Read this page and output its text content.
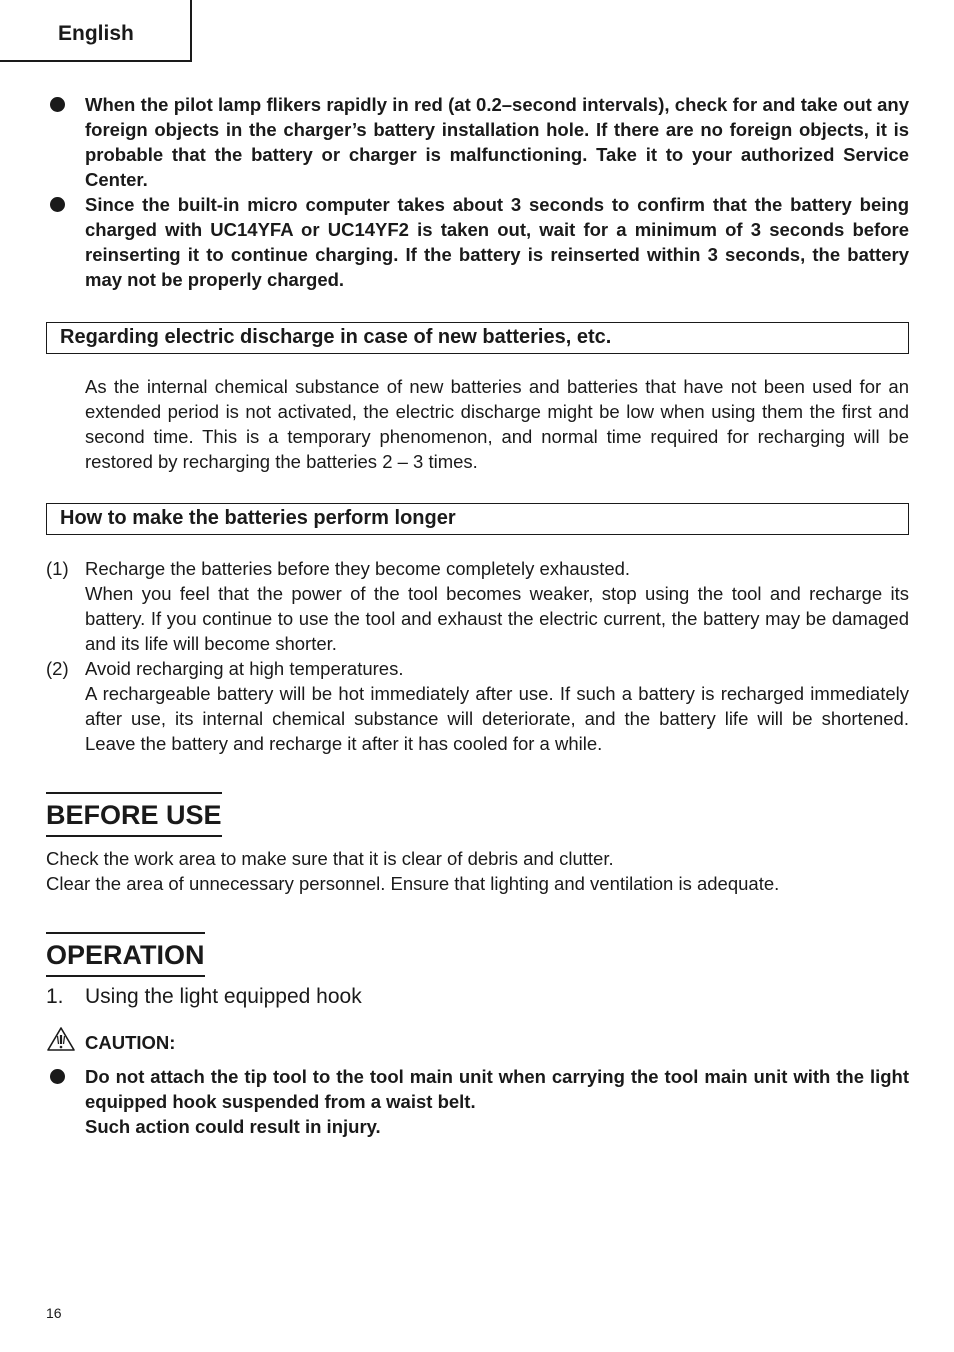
English

When the pilot lamp flikers rapidly in red (at 0.2–second intervals), check for and take out any foreign objects in the charger’s battery installation hole. If there are no foreign objects, it is probable that the battery or charger is malfunctioning. Take it to your authorized Service Center.

Since the built-in micro computer takes about 3 seconds to confirm that the battery being charged with UC14YFA or UC14YF2 is taken out, wait for a minimum of 3 seconds before reinserting it to continue charging. If the battery is reinserted within 3 seconds, the battery may not be properly charged.

Regarding electric discharge in case of new batteries, etc.

As the internal chemical substance of new batteries and batteries that have not been used for an extended period is not activated, the electric discharge might be low when using them the first and second time. This is a temporary phenomenon, and normal time required for recharging will be restored by recharging the batteries 2 – 3 times.

How to make the batteries perform longer
(1) Recharge the batteries before they become completely exhausted.

When you feel that the power of the tool becomes weaker, stop using the tool and recharge its battery. If you continue to use the tool and exhaust the electric current, the battery may be damaged and its life will become shorter.

(2) Avoid recharging at high temperatures.

A rechargeable battery will be hot immediately after use. If such a battery is recharged immediately after use, its internal chemical substance will deteriorate, and the battery life will be shortened. Leave the battery and recharge it after it has cooled for a while.

BEFORE USE

Check the work area to make sure that it is clear of debris and clutter.

Clear the area of unnecessary personnel. Ensure that lighting and ventilation is adequate.

OPERATION
1. Using the light equipped hook
CAUTION:

Do not attach the tip tool to the tool main unit when carrying the tool main unit with the light equipped hook suspended from a waist belt.

Such action could result in injury.

16
